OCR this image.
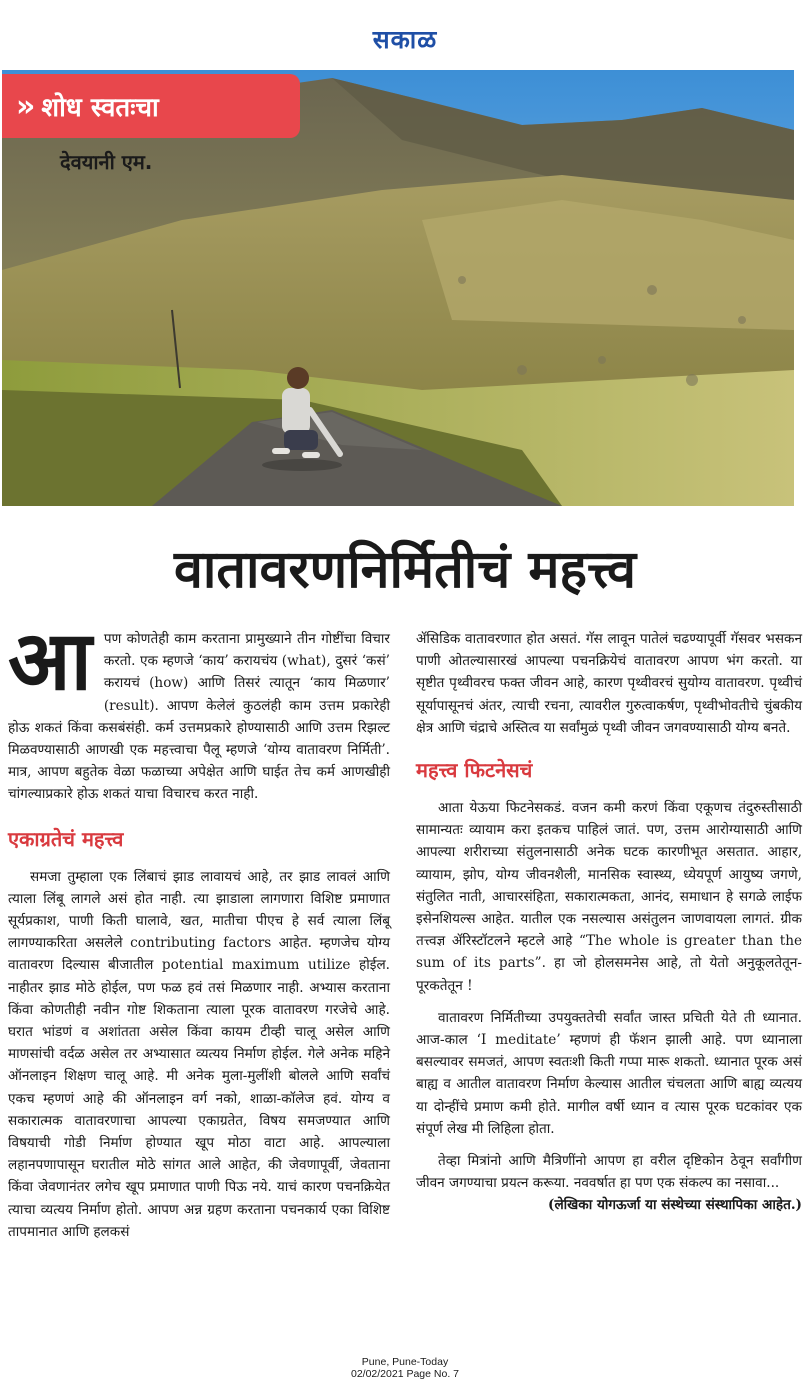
सकाळ
» शोध स्वतःचा
देवयानी एम.
वातावरणनिर्मितीचं महत्त्व

आपण कोणतेही काम करताना प्रामुख्याने तीन गोष्टींचा विचार करतो. एक म्हणजे ‘काय’ करायचंय (what), दुसरं ‘कसं’ करायचं (how) आणि तिसरं त्यातून ‘काय मिळणार’ (result). आपण केलेलं कुठलंही काम उत्तम प्रकारेही होऊ शकतं किंवा कसबंसंही. कर्म उत्तमप्रकारे होण्यासाठी आणि उत्तम रिझल्ट मिळवण्यासाठी आणखी एक महत्त्वाचा पैलू म्हणजे ‘योग्य वातावरण निर्मिती’. मात्र, आपण बहुतेक वेळा फळाच्या अपेक्षेत आणि घाईत तेच कर्म आणखीही चांगल्याप्रकारे होऊ शकतं याचा विचारच करत नाही.

एकाग्रतेचं महत्त्व

समजा तुम्हाला एक लिंबाचं झाड लावायचं आहे, तर झाड लावलं आणि त्याला लिंबू लागले असं होत नाही. त्या झाडाला लागणारा विशिष्ट प्रमाणात सूर्यप्रकाश, पाणी किती घालावे, खत, मातीचा पीएच हे सर्व त्याला लिंबू लागण्याकरिता असलेले contributing factors आहेत. म्हणजेच योग्य वातावरण दिल्यास बीजातील potential maximum utilize होईल. नाहीतर झाड मोठे होईल, पण फळ हवं तसं मिळणार नाही. अभ्यास करताना किंवा कोणतीही नवीन गोष्ट शिकताना त्याला पूरक वातावरण गरजेचे आहे. घरात भांडणं व अशांतता असेल किंवा कायम टीव्ही चालू असेल आणि माणसांची वर्दळ असेल तर अभ्यासात व्यत्यय निर्माण होईल. गेले अनेक महिने ऑनलाइन शिक्षण चालू आहे. मी अनेक मुला-मुलींशी बोलले आणि सर्वांचं एकच म्हणणं आहे की ऑनलाइन वर्ग नको, शाळा-कॉलेज हवं. योग्य व सकारात्मक वातावरणाचा आपल्या एकाग्रतेत, विषय समजण्यात आणि विषयाची गोडी निर्माण होण्यात खूप मोठा वाटा आहे. आपल्याला लहानपणापासून घरातील मोठे सांगत आले आहेत, की जेवणापूर्वी, जेवताना किंवा जेवणानंतर लगेच खूप प्रमाणात पाणी पिऊ नये. याचं कारण पचनक्रियेत त्याचा व्यत्यय निर्माण होतो. आपण अन्न ग्रहण करताना पचनकार्य एका विशिष्ट तापमानात आणि हलकसं

ॲसिडिक वातावरणात होत असतं. गॅस लावून पातेलं चढण्यापूर्वी गॅसवर भसकन पाणी ओतल्यासारखं आपल्या पचनक्रियेचं वातावरण आपण भंग करतो. या सृष्टीत पृथ्वीवरच फक्त जीवन आहे, कारण पृथ्वीवरचं सुयोग्य वातावरण. पृथ्वीचं सूर्यापासूनचं अंतर, त्याची रचना, त्यावरील गुरुत्वाकर्षण, पृथ्वीभोवतीचे चुंबकीय क्षेत्र आणि चंद्राचे अस्तित्व या सर्वांमुळं पृथ्वी जीवन जगवण्यासाठी योग्य बनते.

महत्त्व फिटनेसचं

आता येऊया फिटनेसकडं. वजन कमी करणं किंवा एकूणच तंदुरुस्तीसाठी सामान्यतः व्यायाम करा इतकच पाहिलं जातं. पण, उत्तम आरोग्यासाठी आणि आपल्या शरीराच्या संतुलनासाठी अनेक घटक कारणीभूत असतात. आहार, व्यायाम, झोप, योग्य जीवनशैली, मानसिक स्वास्थ्य, ध्येयपूर्ण आयुष्य जगणे, संतुलित नाती, आचारसंहिता, सकारात्मकता, आनंद, समाधान हे सगळे लाईफ इसेनशियल्स आहेत. यातील एक नसल्यास असंतुलन जाणवायला लागतं. ग्रीक तत्त्वज्ञ ॲरिस्टॉटलने म्हटले आहे “The whole is greater than the sum of its parts”. हा जो होलसमनेस आहे, तो येतो अनुकूलतेतून-पूरकतेतून !

वातावरण निर्मितीच्या उपयुक्ततेची सर्वांत जास्त प्रचिती येते ती ध्यानात. आज-काल ‘I meditate’ म्हणणं ही फॅशन झाली आहे. पण ध्यानाला बसल्यावर समजतं, आपण स्वतःशी किती गप्पा मारू शकतो. ध्यानात पूरक असं बाह्य व आतील वातावरण निर्माण केल्यास आतील चंचलता आणि बाह्य व्यत्यय या दोन्हींचे प्रमाण कमी होते. मागील वर्षी ध्यान व त्यास पूरक घटकांवर एक संपूर्ण लेख मी लिहिला होता.

तेव्हा मित्रांनो आणि मैत्रिणींनो आपण हा वरील दृष्टिकोन ठेवून सर्वांगीण जीवन जगण्याचा प्रयत्न करूया. नववर्षात हा पण एक संकल्प का नसावा...

(लेखिका योगऊर्जा या संस्थेच्या संस्थापिका आहेत.)

Pune, Pune-Today
02/02/2021 Page No. 7
